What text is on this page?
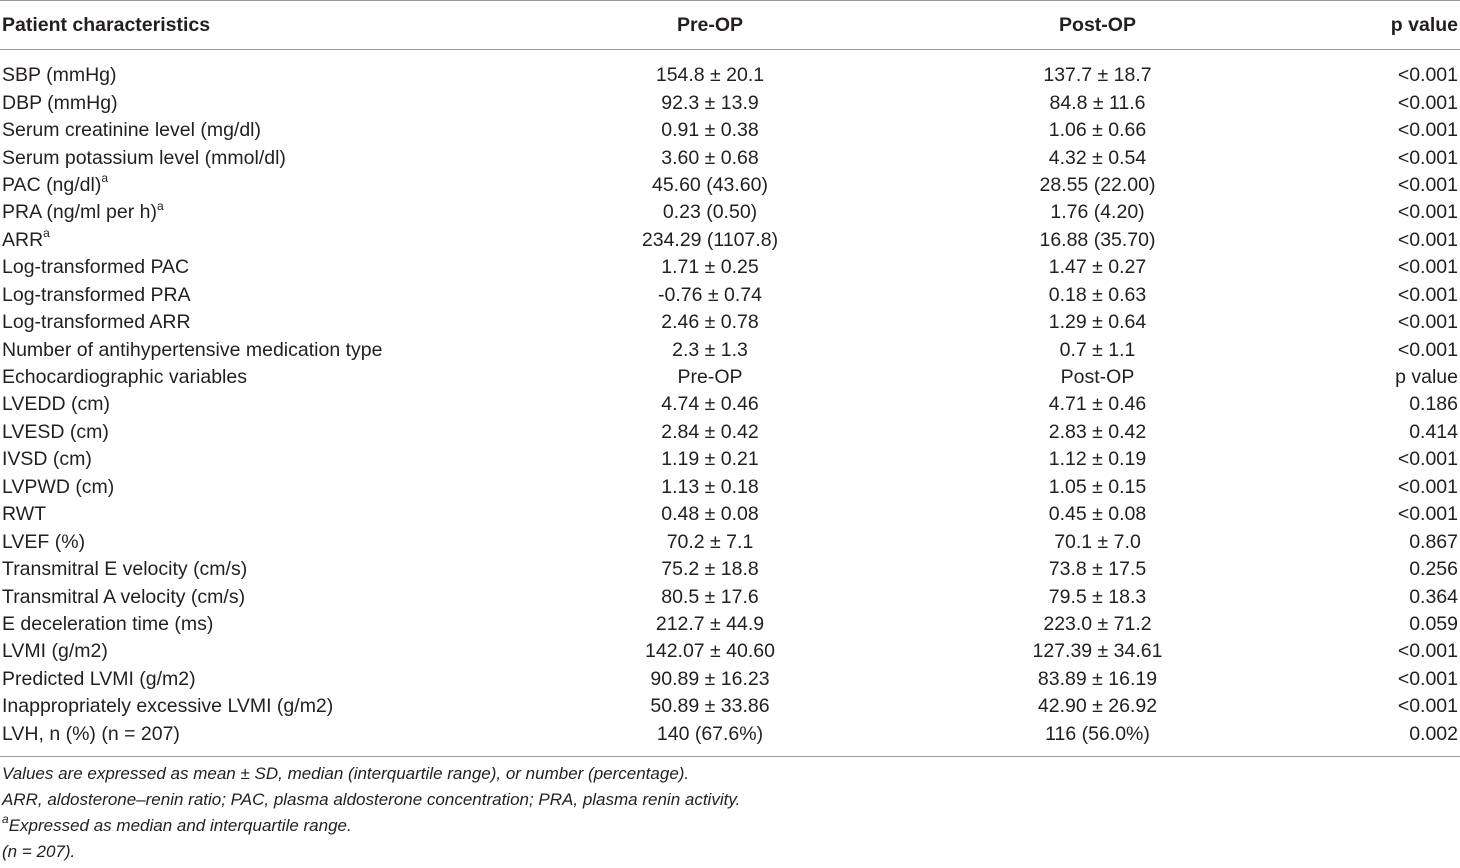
Patient characteristics	Pre-OP	Post-OP	p value

SBP (mmHg)	154.8 ± 20.1	137.7 ± 18.7	<0.001
DBP (mmHg)	92.3 ± 13.9	84.8 ± 11.6	<0.001
Serum creatinine level (mg/dl)	0.91 ± 0.38	1.06 ± 0.66	<0.001
Serum potassium level (mmol/dl)	3.60 ± 0.68	4.32 ± 0.54	<0.001
PAC $(ng/dl)^a$	45.60 (43.60)	28.55 (22.00)	<0.001
PRA (ng/ml per h)$^a$	0.23 (0.50)	1.76 (4.20)	<0.001
ARR$^a$	234.29 (1107.8)	16.88 (35.70)	<0.001
Log-transformed PAC	1.71 ± 0.25	1.47 ± 0.27	<0.001
Log-transformed PRA	-0.76 ± 0.74	0.18 ± 0.63	<0.001
Log-transformed ARR	2.46 ± 0.78	1.29 ± 0.64	<0.001
Number of antihypertensive medication type	2.3 ± 1.3	0.7 ± 1.1	<0.001
Echocardiographic variables	Pre-OP	Post-OP	p value
LVEDD (cm)	4.74 ± 0.46	4.71 ± 0.46	0.186
LVESD (cm)	2.84 ± 0.42	2.83 ± 0.42	0.414
IVSD (cm)	1.19 ± 0.21	1.12 ± 0.19	<0.001
LVPWD (cm)	1.13 ± 0.18	1.05 ± 0.15	<0.001
RWT	0.48 ± 0.08	0.45 ± 0.08	<0.001
LVEF (%)	70.2 ± 7.1	70.1 ± 7.0	0.867
Transmitral E velocity (cm/s)	75.2 ± 18.8	73.8 ± 17.5	0.256
Transmitral A velocity (cm/s)	80.5 ± 17.6	79.5 ± 18.3	0.364
E deceleration time (ms)	212.7 ± 44.9	223.0 ± 71.2	0.059
LVMI (g/m2)	142.07 ± 40.60	127.39 ± 34.61	<0.001
Predicted LVMI (g/m2)	90.89 ± 16.23	83.89 ± 16.19	<0.001
Inappropriately excessive LVMI (g/m2)	50.89 ± 33.86	42.90 ± 26.92	<0.001
LVH, n (%) (n = 207)	140 (67.6%)	116 (56.0%)	0.002
Values are expressed as mean ± SD, median (interquartile range), or number (percentage).
ARR, aldosterone–renin ratio; PAC, plasma aldosterone concentration; PRA, plasma renin activity.
$^a$Expressed as median and interquartile range.
(n = 207).
